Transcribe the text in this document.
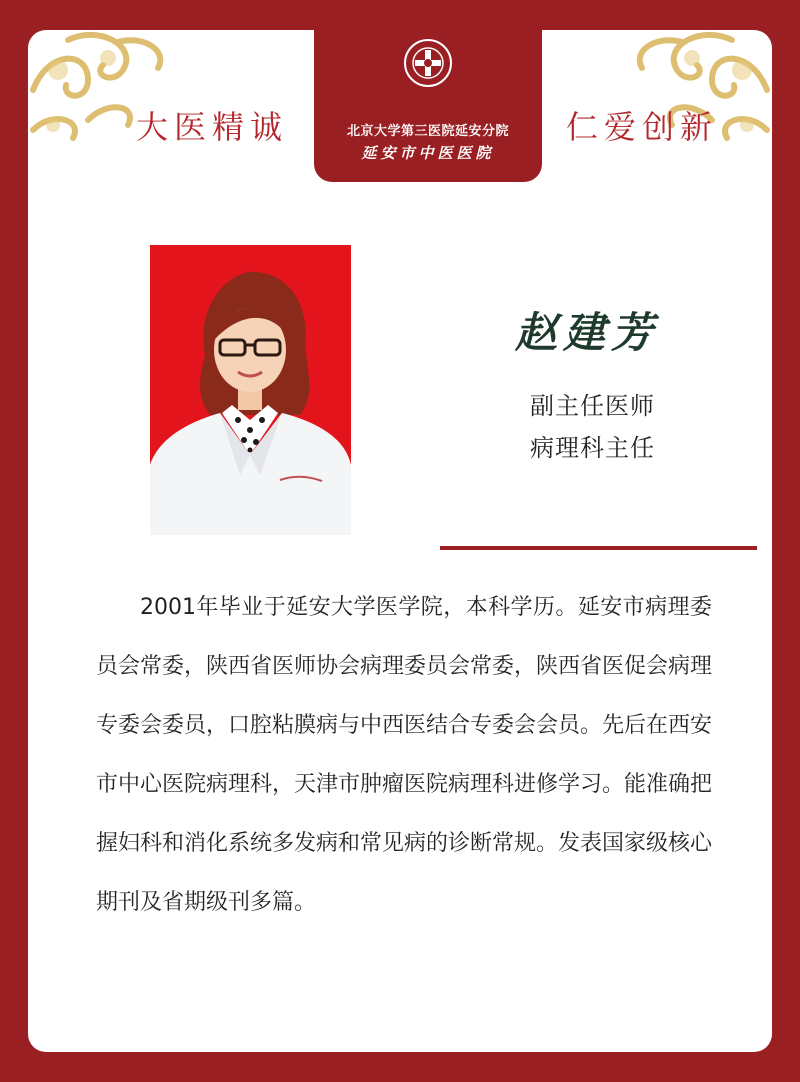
大医精诚	仁爱创新
北京大学第三医院延安分院
延安市中医医院
赵建芳
副主任医师
病理科主任

2001年毕业于延安大学医学院，本科学历。延安市病理委员会常委，陕西省医师协会病理委员会常委，陕西省医促会病理专委会委员，口腔粘膜病与中西医结合专委会会员。先后在西安市中心医院病理科，天津市肿瘤医院病理科进修学习。能准确把握妇科和消化系统多发病和常见病的诊断常规。发表国家级核心期刊及省期级刊多篇。
